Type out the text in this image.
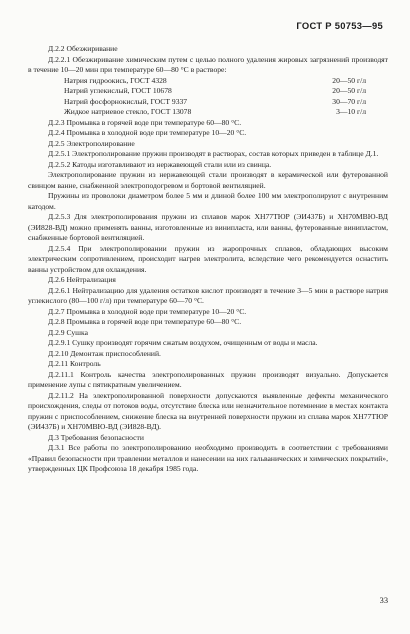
ГОСТ Р 50753—95

Д.2.2 Обезжиривание

Д.2.2.1 Обезжиривание химическим путем с целью полного удаления жировых загрязнений производят в течение 10—20 мин при температуре 60—80 °С в растворе:

Натрия гидроокись, ГОСТ 4328	20—50 г/л
Натрий углекислый, ГОСТ 10678	20—50 г/л
Натрий фосфорнокислый, ГОСТ 9337	30—70 г/л
Жидкое натриевое стекло, ГОСТ 13078	3—10 г/л

Д.2.3 Промывка в горячей воде при температуре 60—80 °С.

Д.2.4 Промывка в холодной воде при температуре 10—20 °С.

Д.2.5 Электрополирование

Д.2.5.1 Электрополирование пружин производят в растворах, состав которых приведен в таблице Д.1.

Д.2.5.2 Катоды изготавливают из нержавеющей стали или из свинца.

Электрополирование пружин из нержавеющей стали производят в керамической или футерованной свинцом ванне, снабженной электроподогревом и бортовой вентиляцией.

Пружины из проволоки диаметром более 5 мм и длиной более 100 мм электрополируют с внутренним катодом.

Д.2.5.3 Для электрополирования пружин из сплавов марок ХН77ТЮР (ЭИ437Б) и ХН70МВЮ-ВД (ЭИ828-ВД) можно применять ванны, изготовленные из винипласта, или ванны, футерованные винипластом, снабженные бортовой вентиляцией.

Д.2.5.4 При электрополировании пружин из жаропрочных сплавов, обладающих высоким электрическим сопротивлением, происходит нагрев электролита, вследствие чего рекомендуется оснастить ванны устройством для охлаждения.

Д.2.6 Нейтрализация

Д.2.6.1 Нейтрализацию для удаления остатков кислот производят в течение 3—5 мин в растворе натрия углекислого (80—100 г/л) при температуре 60—70 °С.

Д.2.7 Промывка в холодной воде при температуре 10—20 °С.

Д.2.8 Промывка в горячей воде при температуре 60—80 °С.

Д.2.9 Сушка

Д.2.9.1 Сушку производят горячим сжатым воздухом, очищенным от воды и масла.

Д.2.10 Демонтаж приспособлений.

Д.2.11 Контроль

Д.2.11.1 Контроль качества электрополированных пружин производят визуально. Допускается применение лупы с пятикратным увеличением.

Д.2.11.2 На электрополированной поверхности допускаются выявленные дефекты механического происхождения, следы от потоков воды, отсутствие блеска или незначительное потемнение в местах контакта пружин с приспособлением, снижение блеска на внутренней поверхности пружин из сплава марок ХН77ТЮР (ЭИ437Б) и ХН70МВЮ-ВД (ЭИ828-ВД).

Д.3 Требования безопасности

Д.3.1 Все работы по электрополированию необходимо производить в соответствии с требованиями «Правил безопасности при травлении металлов и нанесении на них гальванических и химических покрытий», утвержденных ЦК Профсоюза 18 декабря 1985 года.

33
